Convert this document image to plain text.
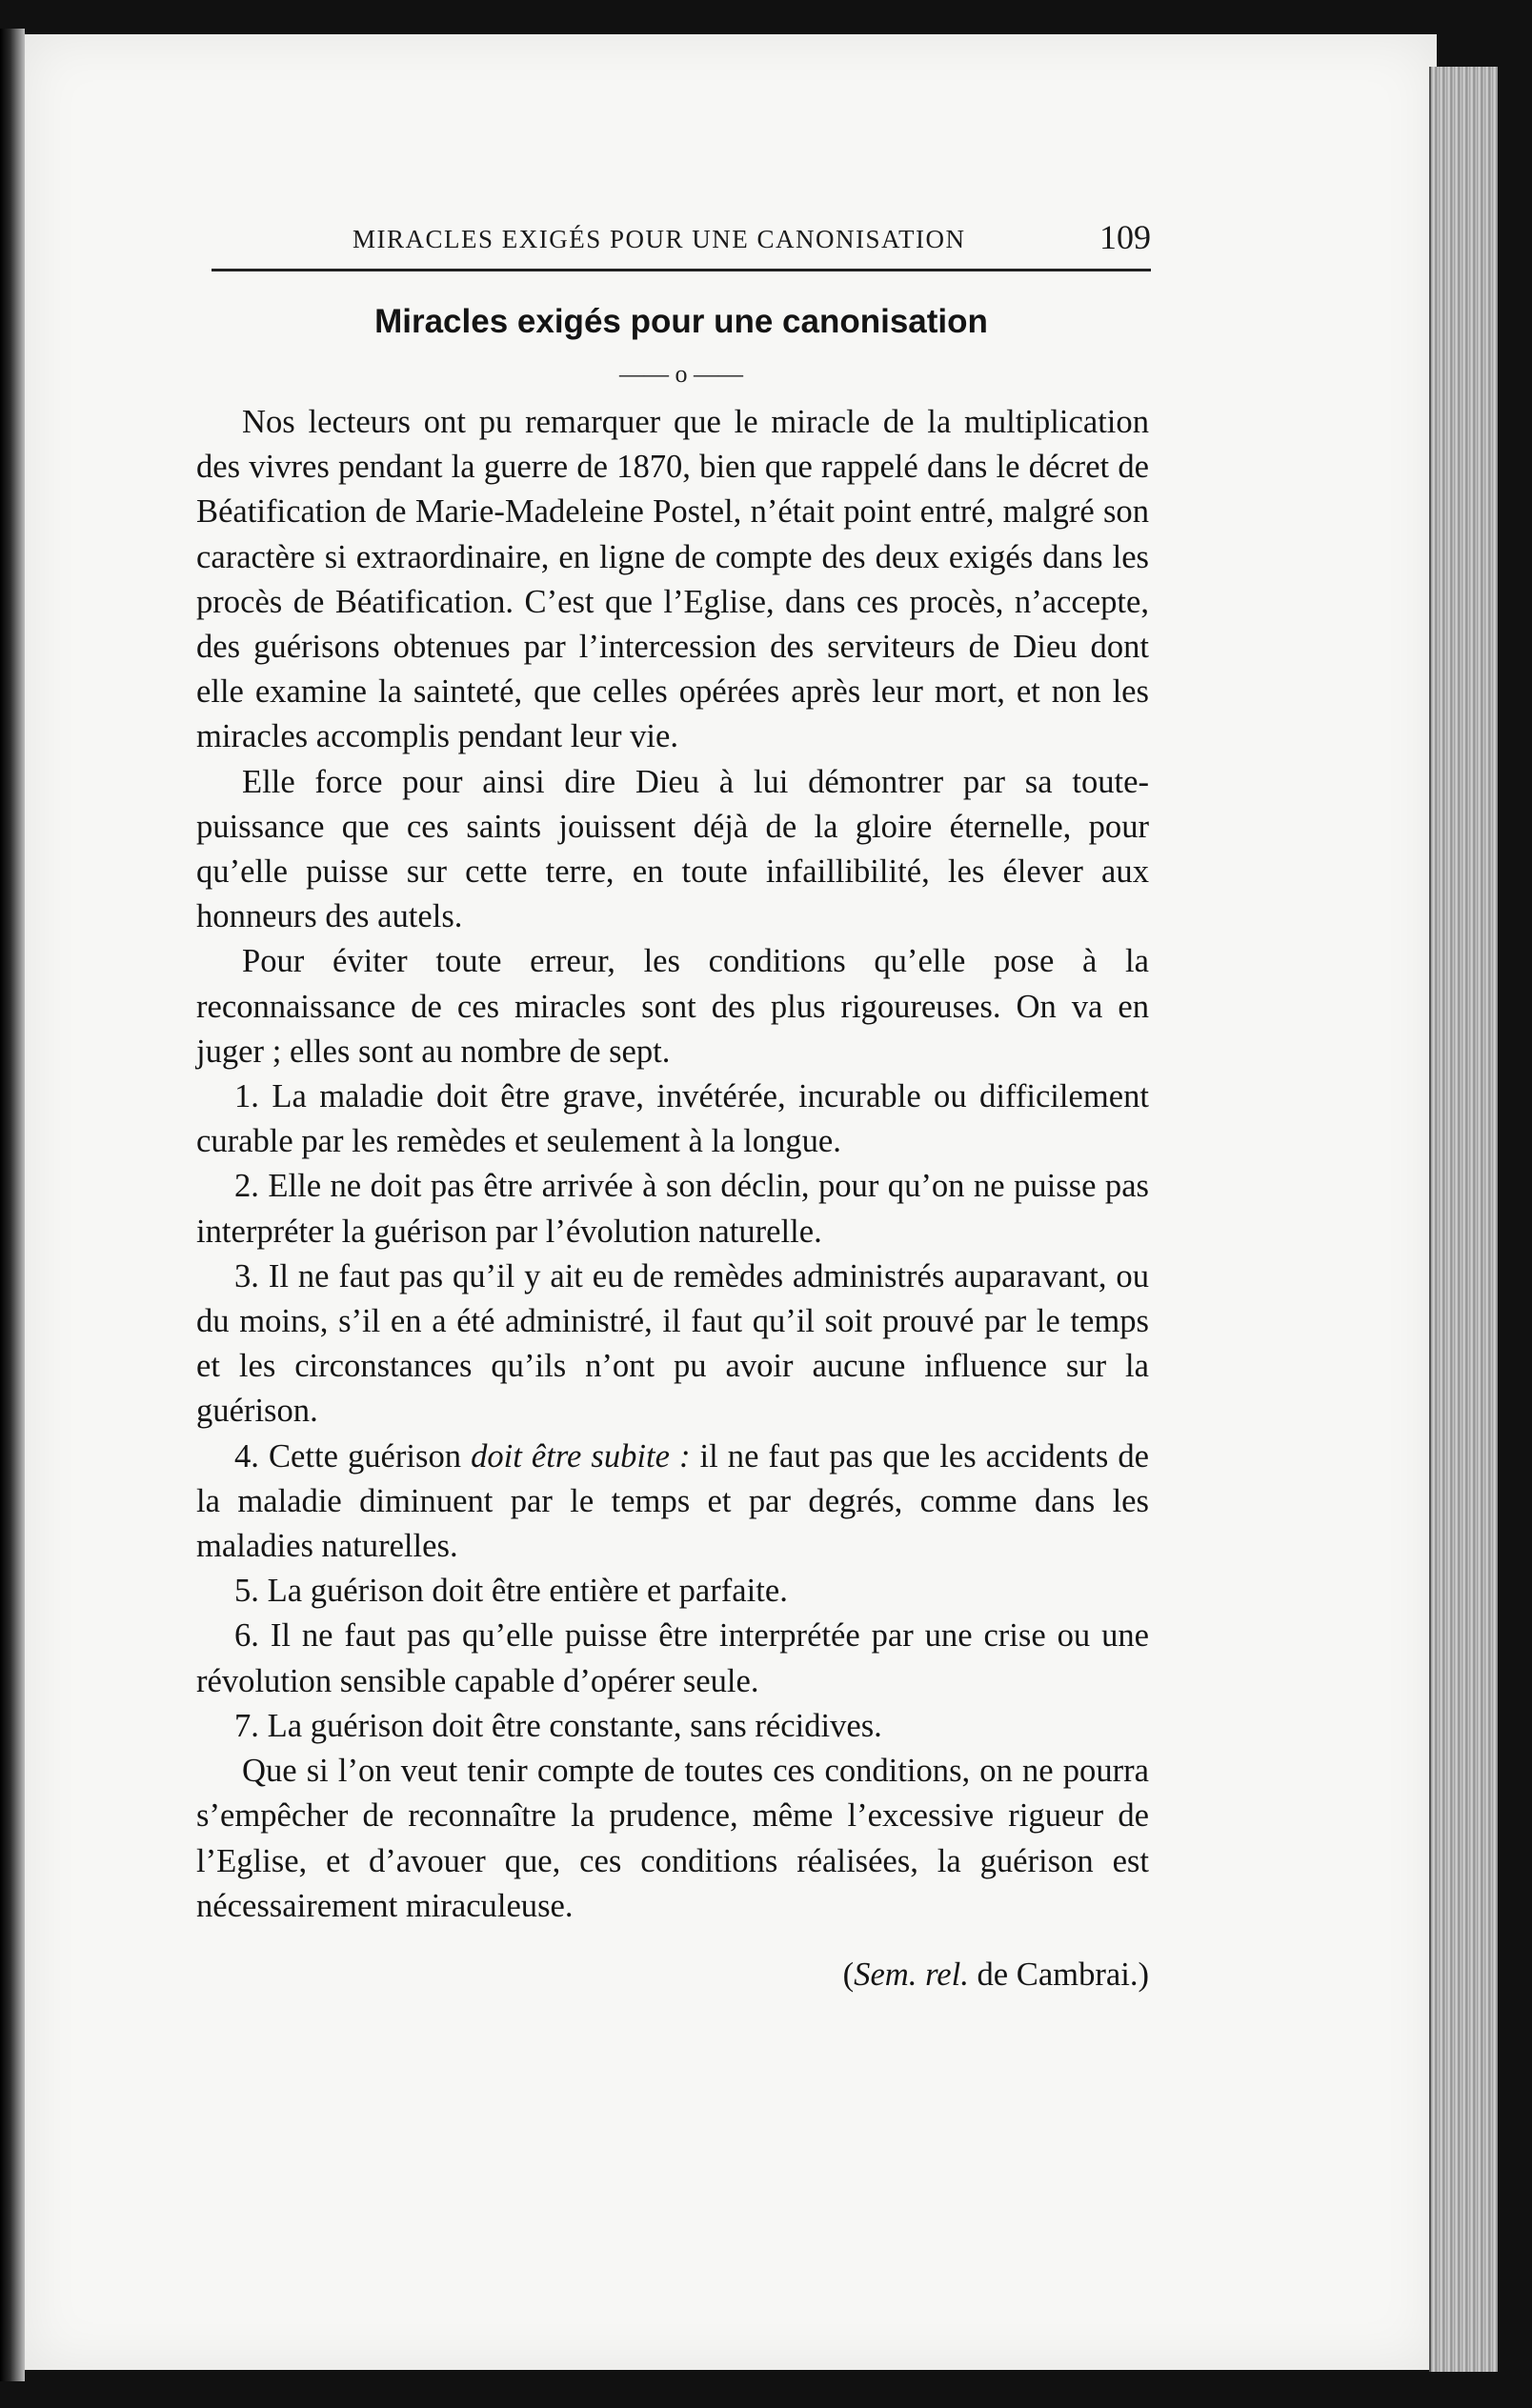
MIRACLES EXIGÉS POUR UNE CANONISATION	109
Miracles exigés pour une canonisation
—— o ——

Nos lecteurs ont pu remarquer que le miracle de la multiplication des vivres pendant la guerre de 1870, bien que rappelé dans le décret de Béatification de Marie-Madeleine Postel, n’était point entré, malgré son caractère si extraordinaire, en ligne de compte des deux exigés dans les procès de Béatification. C’est que l’Eglise, dans ces procès, n’accepte, des guérisons obtenues par l’intercession des serviteurs de Dieu dont elle examine la sainteté, que celles opérées après leur mort, et non les miracles accomplis pendant leur vie.

Elle force pour ainsi dire Dieu à lui démontrer par sa toute-puissance que ces saints jouissent déjà de la gloire éternelle, pour qu’elle puisse sur cette terre, en toute infaillibilité, les élever aux honneurs des autels.

Pour éviter toute erreur, les conditions qu’elle pose à la reconnaissance de ces miracles sont des plus rigoureuses. On va en juger ; elles sont au nombre de sept.

1. La maladie doit être grave, invétérée, incurable ou difficilement curable par les remèdes et seulement à la longue.

2. Elle ne doit pas être arrivée à son déclin, pour qu’on ne puisse pas interpréter la guérison par l’évolution naturelle.

3. Il ne faut pas qu’il y ait eu de remèdes administrés auparavant, ou du moins, s’il en a été administré, il faut qu’il soit prouvé par le temps et les circonstances qu’ils n’ont pu avoir aucune influence sur la guérison.

4. Cette guérison doit être subite : il ne faut pas que les accidents de la maladie diminuent par le temps et par degrés, comme dans les maladies naturelles.

5. La guérison doit être entière et parfaite.

6. Il ne faut pas qu’elle puisse être interprétée par une crise ou une révolution sensible capable d’opérer seule.

7. La guérison doit être constante, sans récidives.

Que si l’on veut tenir compte de toutes ces conditions, on ne pourra s’empêcher de reconnaître la prudence, même l’excessive rigueur de l’Eglise, et d’avouer que, ces conditions réalisées, la guérison est nécessairement miraculeuse.

(Sem. rel. de Cambrai.)
